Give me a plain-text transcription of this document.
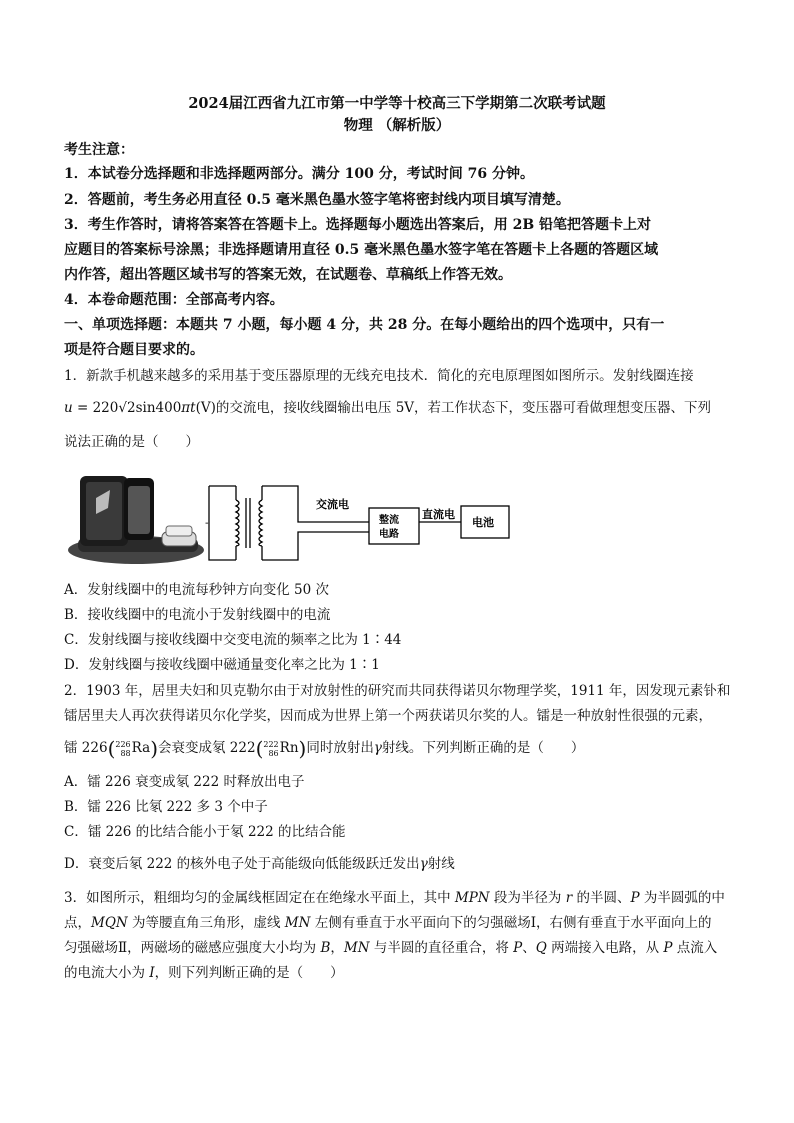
2024届江西省九江市第一中学等十校高三下学期第二次联考试题
物理 （解析版）
考生注意：
1．本试卷分选择题和非选择题两部分。满分 100 分，考试时间 76 分钟。
2．答题前，考生务必用直径 0.5 毫米黑色墨水签字笔将密封线内项目填写清楚。
3．考生作答时，请将答案答在答题卡上。选择题每小题选出答案后，用 2B 铅笔把答题卡上对
应题目的答案标号涂黑；非选择题请用直径 0.5 毫米黑色墨水签字笔在答题卡上各题的答题区域
内作答，超出答题区域书写的答案无效，在试题卷、草稿纸上作答无效。
4．本卷命题范围：全部高考内容。
一、单项选择题：本题共 7 小题，每小题 4 分，共 28 分。在每小题给出的四个选项中，只有一
项是符合题目要求的。
1．新款手机越来越多的采用基于变压器原理的无线充电技术．简化的充电原理图如图所示。发射线圈连接
u = 220√2sin400πt(V)的交流电，接收线圈输出电压 5V，若工作状态下，变压器可看做理想变压器、下列
说法正确的是（　　）
-
交流电
整流
电路
直流电
电池
A．发射线圈中的电流每秒钟方向变化 50 次
B．接收线圈中的电流小于发射线圈中的电流
C．发射线圈与接收线圈中交变电流的频率之比为 1∶44
D．发射线圈与接收线圈中磁通量变化率之比为 1∶1
2．1903 年，居里夫妇和贝克勒尔由于对放射性的研究而共同获得诺贝尔物理学奖，1911 年，因发现元素钋和
镭居里夫人再次获得诺贝尔化学奖，因而成为世界上第一个两获诺贝尔奖的人。镭是一种放射性很强的元素，
镭 226( 226
88 Ra)会衰变成氡 222( 222
86 Rn)同时放射出γ射线。下列判断正确的是（　　）
A．镭 226 衰变成氡 222 时释放出电子
B．镭 226 比氡 222 多 3 个中子
C．镭 226 的比结合能小于氡 222 的比结合能
D．衰变后氡 222 的核外电子处于高能级向低能级跃迁发出γ射线
3．如图所示，粗细均匀的金属线框固定在在绝缘水平面上，其中 MPN 段为半径为 r 的半圆、P 为半圆弧的中
点，MQN 为等腰直角三角形，虚线 MN 左侧有垂直于水平面向下的匀强磁场Ⅰ，右侧有垂直于水平面向上的
匀强磁场Ⅱ，两磁场的磁感应强度大小均为 B，MN 与半圆的直径重合，将 P、Q 两端接入电路，从 P 点流入
的电流大小为 I，则下列判断正确的是（　　）
